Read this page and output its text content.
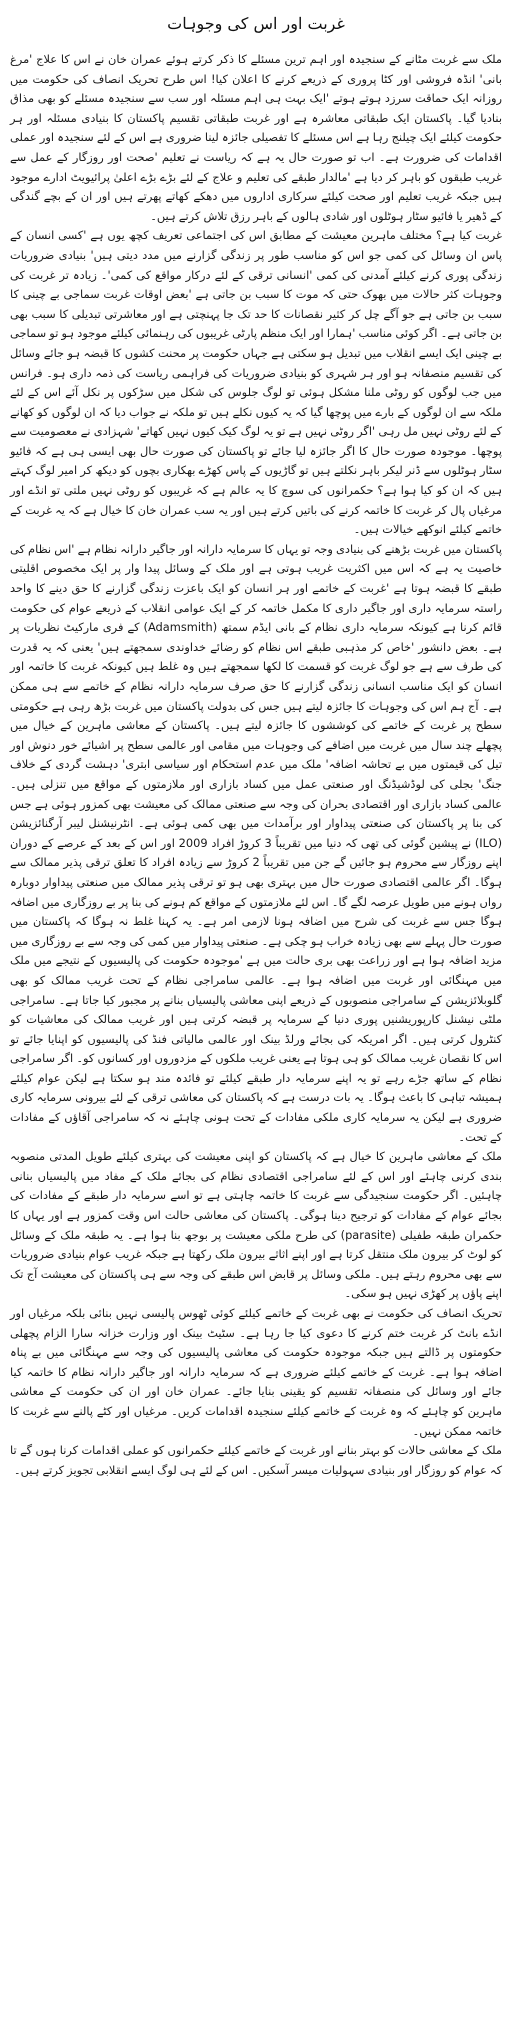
غربت اور اس کی وجوہات

ملک سے غربت مٹانے کے سنجیدہ اور اہم ترین مسئلے کا ذکر کرتے ہوئے عمران خان نے اس کا علاج 'مرغ بانی' انڈہ فروشی اور کٹا پروری کے ذریعے کرنے کا اعلان کیا! اس طرح تحریک انصاف کی حکومت میں روزانہ ایک حماقت سرزد ہوتے ہوتے 'ایک بہت ہی اہم مسئلہ اور سب سے سنجیدہ مسئلے کو بھی مذاق بنادیا گیا۔ پاکستان ایک طبقاتی معاشرہ ہے اور غربت طبقاتی تقسیم پاکستان کا بنیادی مسئلہ اور ہر حکومت کیلئے ایک چیلنج رہا ہے اس مسئلے کا تفصیلی جائزہ لینا ضروری ہے اس کے لئے سنجیدہ اور عملی اقدامات کی ضرورت ہے۔ اب تو صورت حال یہ ہے کہ ریاست نے تعلیم 'صحت اور روزگار کے عمل سے غریب طبقوں کو باہر کر دیا ہے 'مالدار طبقے کی تعلیم و علاج کے لئے بڑے بڑے اعلیٰ پرائیویٹ ادارے موجود ہیں جبکہ غریب تعلیم اور صحت کیلئے سرکاری اداروں میں دھکے کھاتے پھرتے ہیں اور ان کے بچے گندگی کے ڈھیر یا فائیو سٹار ہوٹلوں اور شادی ہالوں کے باہر رزق تلاش کرتے ہیں۔

غربت کیا ہے؟ مختلف ماہرین معیشت کے مطابق اس کی اجتماعی تعریف کچھ یوں ہے 'کسی انسان کے پاس ان وسائل کی کمی جو اس کو مناسب طور پر زندگی گزارنے میں مدد دیتی ہیں' بنیادی ضروریات زندگی پوری کرنے کیلئے آمدنی کی کمی 'انسانی ترقی کے لئے درکار مواقع کی کمی'۔ زیادہ تر غربت کی وجوہات کثر حالات میں بھوک حتی کہ موت کا سبب بن جاتی ہے 'بعض اوقات غربت سماجی بے چینی کا سبب بن جاتی ہے جو آگے چل کر کثیر نقصانات کا حد تک جا پہنچتی ہے اور معاشرتی تبدیلی کا سبب بھی بن جاتی ہے۔ اگر کوئی مناسب 'ہمارا اور ایک منظم پارٹی غریبوں کی رہنمائی کیلئے موجود ہو تو سماجی بے چینی ایک ایسے انقلاب میں تبدیل ہو سکتی ہے جہاں حکومت پر محنت کشوں کا قبضہ ہو جائے وسائل کی تقسیم منصفانہ ہو اور ہر شہری کو بنیادی ضروریات کی فراہمی ریاست کی ذمہ داری ہو۔ فرانس میں جب لوگوں کو روٹی ملنا مشکل ہوئی تو لوگ جلوس کی شکل میں سڑکوں پر نکل آئے اس کے لئے ملکہ سے ان لوگوں کے بارے میں پوچھا گیا کہ یہ کیوں نکلے ہیں تو ملکہ نے جواب دیا کہ ان لوگوں کو کھانے کے لئے روٹی نہیں مل رہی 'اگر روٹی نہیں ہے تو یہ لوگ کیک کیوں نہیں کھاتے' شہزادی نے معصومیت سے پوچھا۔ موجودہ صورت حال کا اگر جائزہ لیا جائے تو پاکستان کی صورت حال بھی ایسی ہی ہے کہ فائیو سٹار ہوٹلوں سے ڈنر لیکر باہر نکلتے ہیں تو گاڑیوں کے پاس کھڑے بھکاری بچوں کو دیکھ کر امیر لوگ کہتے ہیں کہ ان کو کیا ہوا ہے؟ حکمرانوں کی سوچ کا یہ عالم ہے کہ غریبوں کو روٹی نہیں ملتی تو انڈے اور مرغیاں پال کر غربت کا خاتمہ کرنے کی باتیں کرتے ہیں اور یہ سب عمران خان کا خیال ہے کہ یہ غربت کے خاتمے کیلئے انوکھے خیالات ہیں۔

پاکستان میں غربت بڑھنے کی بنیادی وجہ تو یہاں کا سرمایہ دارانہ اور جاگیر دارانہ نظام ہے 'اس نظام کی خاصیت یہ ہے کہ اس میں اکثریت غریب ہوتی ہے اور ملک کے وسائل پیدا وار پر ایک مخصوص اقلیتی طبقے کا قبضہ ہوتا ہے 'غربت کے خاتمے اور ہر انسان کو ایک باعزت زندگی گزارنے کا حق دینے کا واحد راستہ سرمایہ داری اور جاگیر داری کا مکمل خاتمہ کر کے ایک عوامی انقلاب کے ذریعے عوام کی حکومت قائم کرنا ہے کیونکہ سرمایہ داری نظام کے بانی ایڈم سمتھ (Adamsmith) کے فری مارکیٹ نظریات پر ہے۔ بعض دانشور 'خاص کر مذہبی طبقے اس نظام کو رضائے خداوندی سمجھتے ہیں' یعنی کہ یہ قدرت کی طرف سے ہے جو لوگ غربت کو قسمت کا لکھا سمجھتے ہیں وہ غلط ہیں کیونکہ غربت کا خاتمہ اور انسان کو ایک مناسب انسانی زندگی گزارنے کا حق صرف سرمایہ دارانہ نظام کے خاتمے سے ہی ممکن ہے۔ آج ہم اس کی وجوہات کا جائزہ لیتے ہیں جس کی بدولت پاکستان میں غربت بڑھ رہی ہے حکومتی سطح پر غربت کے خاتمے کی کوششوں کا جائزہ لیتے ہیں۔ پاکستان کے معاشی ماہرین کے خیال میں پچھلے چند سال میں غربت میں اضافے کی وجوہات میں مقامی اور عالمی سطح پر اشیائے خور دنوش اور تیل کی قیمتوں میں بے تحاشہ اضافہ' ملک میں عدم استحکام اور سیاسی ابتری' دہشت گردی کے خلاف جنگ' بجلی کی لوڈشیڈنگ اور صنعتی عمل میں کساد بازاری اور ملازمتوں کے مواقع میں تنزلی ہیں۔ عالمی کساد بازاری اور اقتصادی بحران کی وجہ سے صنعتی ممالک کی معیشت بھی کمزور ہوئی ہے جس کی بنا پر پاکستان کی صنعتی پیداوار اور برآمدات میں بھی کمی ہوئی ہے۔ انٹرنیشنل لیبر آرگنائزیشن (ILO) نے پیشین گوئی کی تھی کہ دنیا میں تقریباً 3 کروڑ افراد 2009 اور اس کے بعد کے عرصے کے دوران اپنے روزگار سے محروم ہو جائیں گے جن میں تقریباً 2 کروڑ سے زیادہ افراد کا تعلق ترقی پذیر ممالک سے ہوگا۔ اگر عالمی اقتصادی صورت حال میں بہتری بھی ہو تو ترقی پذیر ممالک میں صنعتی پیداوار دوبارہ رواں ہونے میں طویل عرصہ لگے گا۔ اس لئے ملازمتوں کے مواقع کم ہونے کی بنا پر بے روزگاری میں اضافہ ہوگا جس سے غربت کی شرح میں اضافہ ہونا لازمی امر ہے۔ یہ کہنا غلط نہ ہوگا کہ پاکستان میں صورت حال پہلے سے بھی زیادہ خراب ہو چکی ہے۔ صنعتی پیداوار میں کمی کی وجہ سے بے روزگاری میں مزید اضافہ ہوا ہے اور زراعت بھی بری حالت میں ہے 'موجودہ حکومت کی پالیسیوں کے نتیجے میں ملک میں مہنگائی اور غربت میں اضافہ ہوا ہے۔ عالمی سامراجی نظام کے تحت غریب ممالک کو بھی گلوبلائزیشن کے سامراجی منصوبوں کے ذریعے اپنی معاشی پالیسیاں بنانے پر مجبور کیا جاتا ہے۔ سامراجی ملٹی نیشنل کارپوریشنیں پوری دنیا کے سرمایہ پر قبضہ کرتی ہیں اور غریب ممالک کی معاشیات کو کنٹرول کرتی ہیں۔ اگر امریکہ کی بجائے ورلڈ بینک اور عالمی مالیاتی فنڈ کی پالیسیوں کو اپنایا جائے تو اس کا نقصان غریب ممالک کو ہی ہوتا ہے یعنی غریب ملکوں کے مزدوروں اور کسانوں کو۔ اگر سامراجی نظام کے ساتھ جڑے رہے تو یہ اپنے سرمایہ دار طبقے کیلئے تو فائدہ مند ہو سکتا ہے لیکن عوام کیلئے ہمیشہ تباہی کا باعث ہوگا۔ یہ بات درست ہے کہ پاکستان کی معاشی ترقی کے لئے بیرونی سرمایہ کاری ضروری ہے لیکن یہ سرمایہ کاری ملکی مفادات کے تحت ہونی چاہئے نہ کہ سامراجی آقاؤں کے مفادات کے تحت۔

ملک کے معاشی ماہرین کا خیال ہے کہ پاکستان کو اپنی معیشت کی بہتری کیلئے طویل المدتی منصوبہ بندی کرنی چاہئے اور اس کے لئے سامراجی اقتصادی نظام کی بجائے ملک کے مفاد میں پالیسیاں بنانی چاہئیں۔ اگر حکومت سنجیدگی سے غربت کا خاتمہ چاہتی ہے تو اسے سرمایہ دار طبقے کے مفادات کی بجائے عوام کے مفادات کو ترجیح دینا ہوگی۔ پاکستان کی معاشی حالت اس وقت کمزور ہے اور یہاں کا حکمران طبقہ طفیلی (parasite) کی طرح ملکی معیشت پر بوجھ بنا ہوا ہے۔ یہ طبقہ ملک کے وسائل کو لوٹ کر بیرون ملک منتقل کرتا ہے اور اپنے اثاثے بیرون ملک رکھتا ہے جبکہ غریب عوام بنیادی ضروریات سے بھی محروم رہتے ہیں۔ ملکی وسائل پر قابض اس طبقے کی وجہ سے ہی پاکستان کی معیشت آج تک اپنے پاؤں پر کھڑی نہیں ہو سکی۔

تحریک انصاف کی حکومت نے بھی غربت کے خاتمے کیلئے کوئی ٹھوس پالیسی نہیں بنائی بلکہ مرغیاں اور انڈے بانٹ کر غربت ختم کرنے کا دعوی کیا جا رہا ہے۔ سٹیٹ بینک اور وزارت خزانہ سارا الزام پچھلی حکومتوں پر ڈالتے ہیں جبکہ موجودہ حکومت کی معاشی پالیسیوں کی وجہ سے مہنگائی میں بے پناہ اضافہ ہوا ہے۔ غربت کے خاتمے کیلئے ضروری ہے کہ سرمایہ دارانہ اور جاگیر دارانہ نظام کا خاتمہ کیا جائے اور وسائل کی منصفانہ تقسیم کو یقینی بنایا جائے۔ عمران خان اور ان کی حکومت کے معاشی ماہرین کو چاہئے کہ وہ غربت کے خاتمے کیلئے سنجیدہ اقدامات کریں۔ مرغیاں اور کٹے پالنے سے غربت کا خاتمہ ممکن نہیں۔

ملک کے معاشی حالات کو بہتر بنانے اور غربت کے خاتمے کیلئے حکمرانوں کو عملی اقدامات کرنا ہوں گے تا کہ عوام کو روزگار اور بنیادی سہولیات میسر آسکیں۔ اس کے لئے ہی لوگ ایسے انقلابی تجویز کرتے ہیں۔
